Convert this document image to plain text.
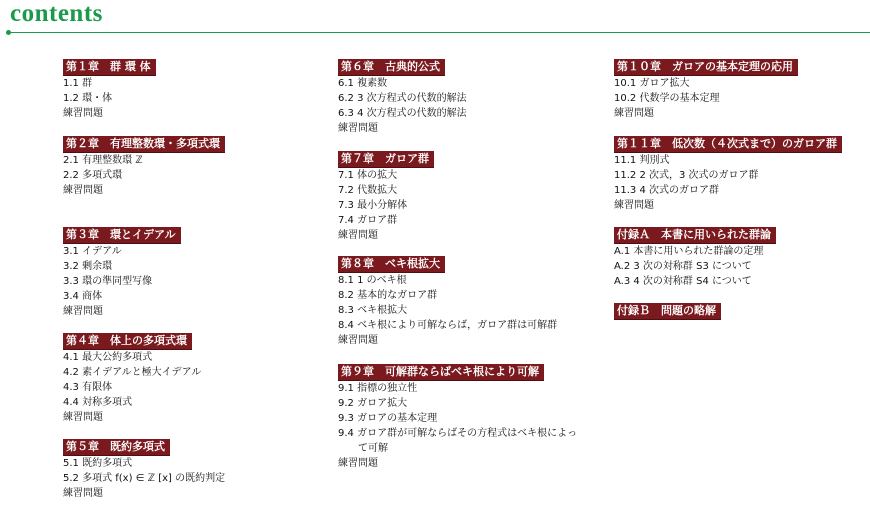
contents
第１章　群 環 体
1.1 群
1.2 環・体
練習問題
第２章　有理整数環・多項式環
2.1 有理整数環 ℤ
2.2 多項式環
練習問題
第３章　環とイデアル
3.1 イデアル
3.2 剰余環
3.3 環の準同型写像
3.4 商体
練習問題
第４章　体上の多項式環
4.1 最大公約多項式
4.2 素イデアルと極大イデアル
4.3 有限体
4.4 対称多項式
練習問題
第５章　既約多項式
5.1 既約多項式
5.2 多項式 f(x) ∈ ℤ [x] の既約判定
練習問題
第６章　古典的公式
6.1 複素数
6.2 3 次方程式の代数的解法
6.3 4 次方程式の代数的解法
練習問題
第７章　ガロア群
7.1 体の拡大
7.2 代数拡大
7.3 最小分解体
7.4 ガロア群
練習問題
第８章　ベキ根拡大
8.1 1 のベキ根
8.2 基本的なガロア群
8.3 ベキ根拡大
8.4 ベキ根により可解ならば，ガロア群は可解群
練習問題
第９章　可解群ならばベキ根により可解
9.1 指標の独立性
9.2 ガロア拡大
9.3 ガロアの基本定理
9.4 ガロア群が可解ならばその方程式はベキ根によっ
て可解
練習問題
第１０章　ガロアの基本定理の応用
10.1 ガロア拡大
10.2 代数学の基本定理
練習問題
第１１章　低次数（４次式まで）のガロア群
11.1 判別式
11.2 2 次式，3 次式のガロア群
11.3 4 次式のガロア群
練習問題
付録Ａ　本書に用いられた群論
A.1 本書に用いられた群論の定理
A.2 3 次の対称群 S3 について
A.3 4 次の対称群 S4 について
付録Ｂ　問題の略解
